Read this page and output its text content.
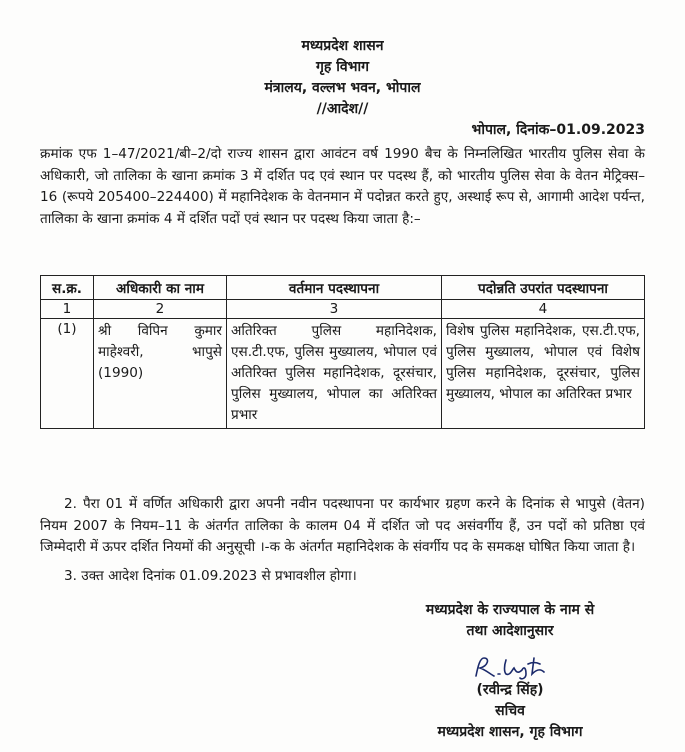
मध्यप्रदेश शासन
गृह विभाग
मंत्रालय, वल्लभ भवन, भोपाल
//आदेश//
भोपाल, दिनांक–01.09.2023
क्रमांक एफ 1–47/2021/बी–2/दो राज्य शासन द्वारा आवंटन वर्ष 1990 बैच के निम्नलिखित भारतीय पुलिस सेवा के अधिकारी, जो तालिका के खाना क्रमांक 3 में दर्शित पद एवं स्थान पर पदस्थ हैं, को भारतीय पुलिस सेवा के वेतन मेट्रिक्स–16 (रूपये 205400–224400) में महानिदेशक के वेतनमान में पदोन्नत करते हुए, अस्थाई रूप से, आगामी आदेश पर्यन्त, तालिका के खाना क्रमांक 4 में दर्शित पदों एवं स्थान पर पदस्थ किया जाता है:–
स.क्र.	अधिकारी का नाम	वर्तमान पदस्थापना	पदोन्नति उपरांत पदस्थापना
1	2	3	4
(1)	श्री विपिन कुमार माहेश्वरी, भापुसे (1990)	अतिरिक्त पुलिस महानिदेशक, एस.टी.एफ, पुलिस मुख्यालय, भोपाल एवं अतिरिक्त पुलिस महानिदेशक, दूरसंचार, पुलिस मुख्यालय, भोपाल का अतिरिक्त प्रभार	विशेष पुलिस महानिदेशक, एस.टी.एफ, पुलिस मुख्यालय, भोपाल एवं विशेष पुलिस महानिदेशक, दूरसंचार, पुलिस मुख्यालय, भोपाल का अतिरिक्त प्रभार
2. पैरा 01 में वर्णित अधिकारी द्वारा अपनी नवीन पदस्थापना पर कार्यभार ग्रहण करने के दिनांक से भापुसे (वेतन) नियम 2007 के नियम–11 के अंतर्गत तालिका के कालम 04 में दर्शित जो पद असंवर्गीय हैं, उन पदों को प्रतिष्ठा एवं जिम्मेदारी में ऊपर दर्शित नियमों की अनुसूची ।-क के अंतर्गत महानिदेशक के संवर्गीय पद के समकक्ष घोषित किया जाता है।
3. उक्त आदेश दिनांक 01.09.2023 से प्रभावशील होगा।
मध्यप्रदेश के राज्यपाल के नाम से
तथा आदेशानुसार
(रवीन्द्र सिंह)
सचिव
मध्यप्रदेश शासन, गृह विभाग
